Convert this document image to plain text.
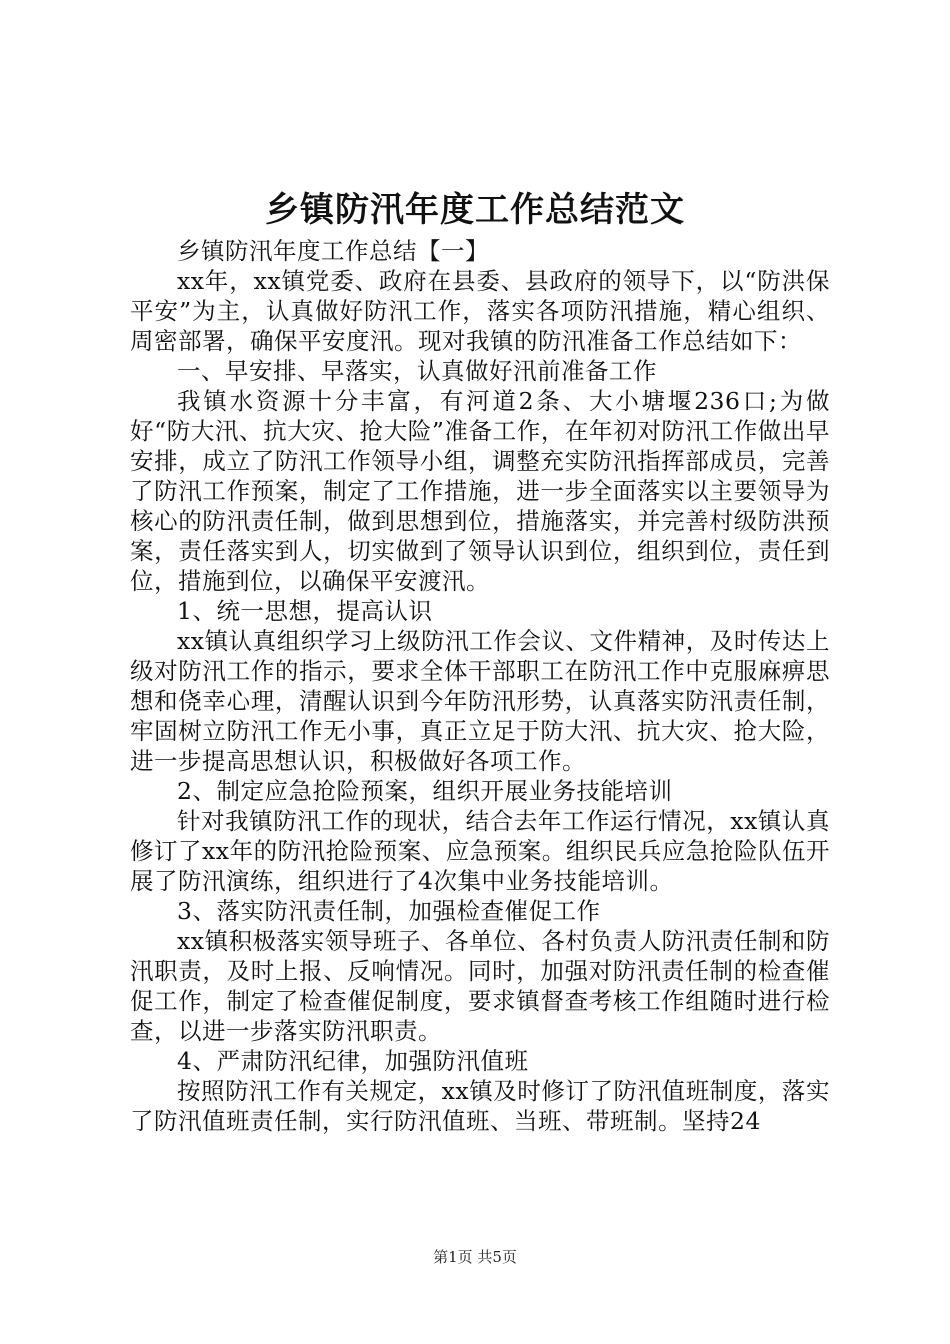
乡镇防汛年度工作总结范文

乡镇防汛年度工作总结【一】

xx年，xx镇党委、政府在县委、县政府的领导下，以“防洪保平安”为主，认真做好防汛工作，落实各项防汛措施，精心组织、周密部署，确保平安度汛。现对我镇的防汛准备工作总结如下：

一、早安排、早落实，认真做好汛前准备工作

我镇水资源十分丰富，有河道2条、大小塘堰236口;为做好“防大汛、抗大灾、抢大险”准备工作，在年初对防汛工作做出早安排，成立了防汛工作领导小组，调整充实防汛指挥部成员，完善了防汛工作预案，制定了工作措施，进一步全面落实以主要领导为核心的防汛责任制，做到思想到位，措施落实，并完善村级防洪预案，责任落实到人，切实做到了领导认识到位，组织到位，责任到位，措施到位，以确保平安渡汛。

1、统一思想，提高认识

xx镇认真组织学习上级防汛工作会议、文件精神，及时传达上级对防汛工作的指示，要求全体干部职工在防汛工作中克服麻痹思想和侥幸心理，清醒认识到今年防汛形势，认真落实防汛责任制，牢固树立防汛工作无小事，真正立足于防大汛、抗大灾、抢大险，进一步提高思想认识，积极做好各项工作。

2、制定应急抢险预案，组织开展业务技能培训

针对我镇防汛工作的现状，结合去年工作运行情况，xx镇认真修订了xx年的防汛抢险预案、应急预案。组织民兵应急抢险队伍开展了防汛演练，组织进行了4次集中业务技能培训。

3、落实防汛责任制，加强检查催促工作

xx镇积极落实领导班子、各单位、各村负责人防汛责任制和防汛职责，及时上报、反响情况。同时，加强对防汛责任制的检查催促工作，制定了检查催促制度，要求镇督查考核工作组随时进行检查，以进一步落实防汛职责。

4、严肃防汛纪律，加强防汛值班

按照防汛工作有关规定，xx镇及时修订了防汛值班制度，落实了防汛值班责任制，实行防汛值班、当班、带班制。坚持24

第1页 共5页
